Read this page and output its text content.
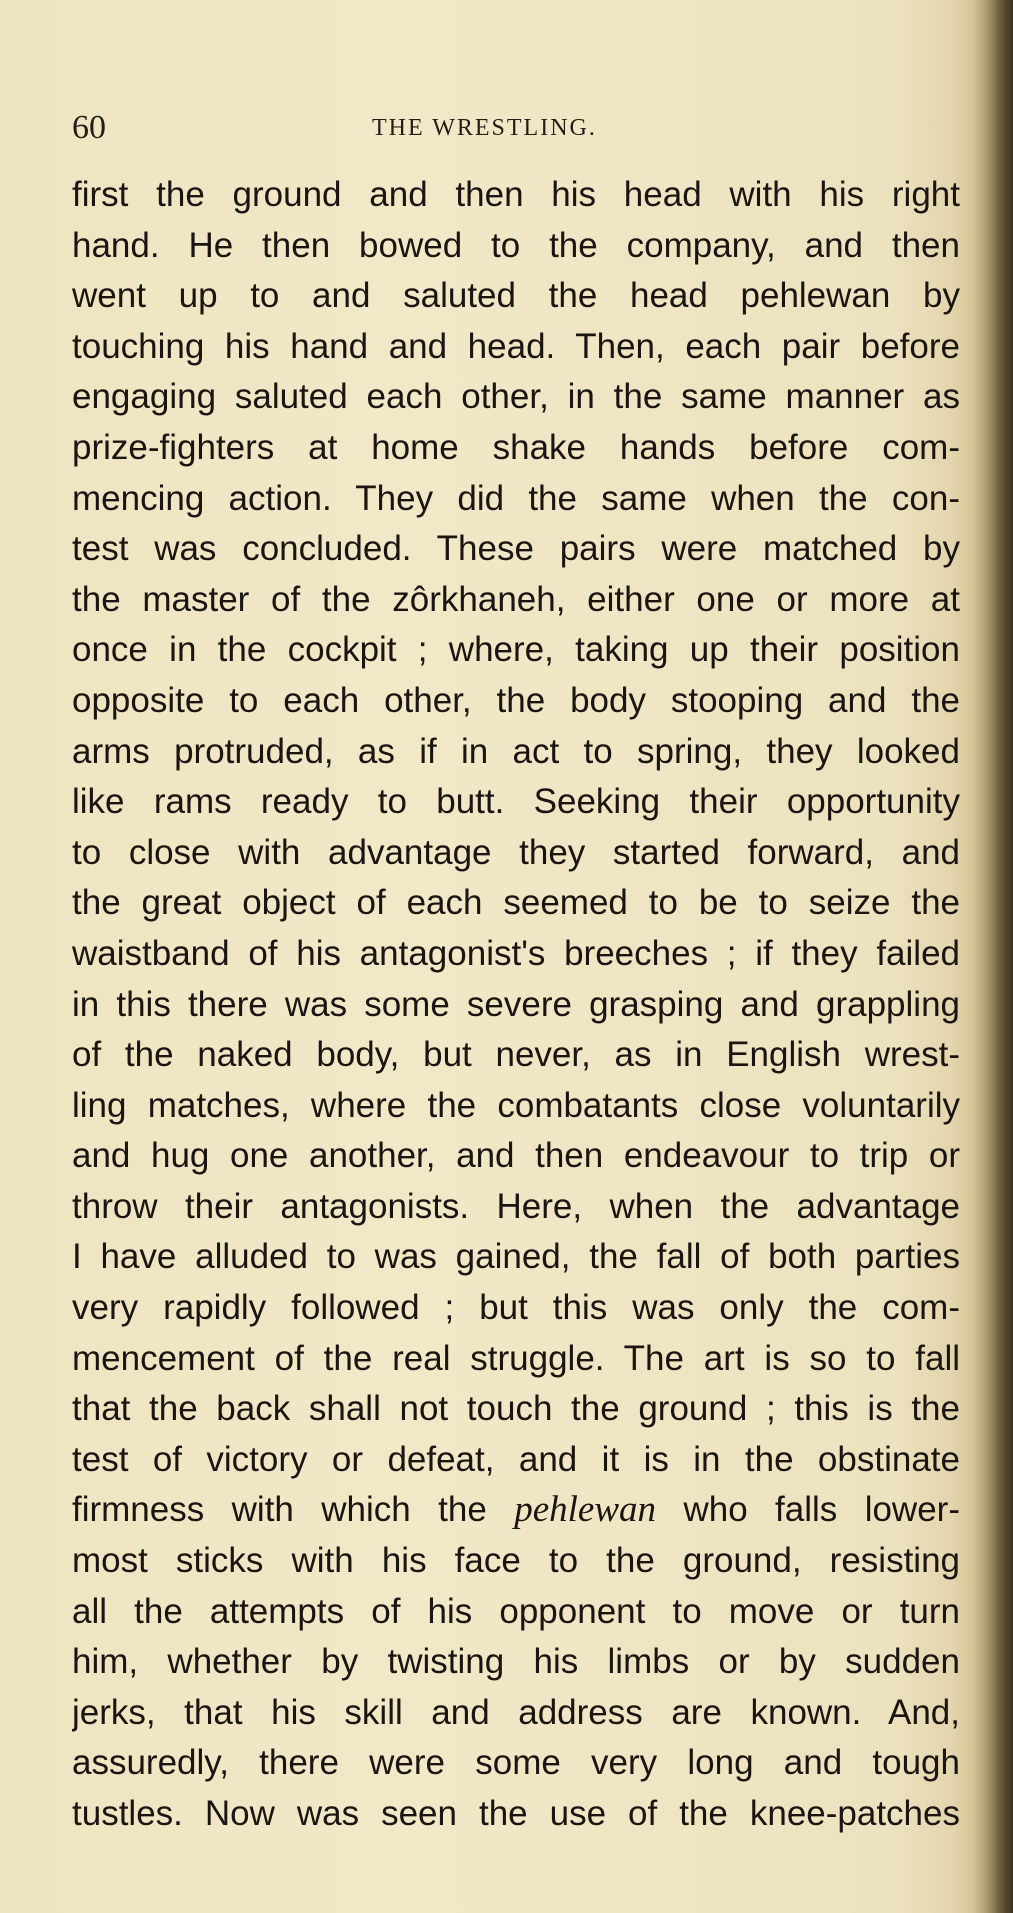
60	THE WRESTLING.
first the ground and then his head with his right
hand. He then bowed to the company, and then
went up to and saluted the head pehlewan by
touching his hand and head. Then, each pair before
engaging saluted each other, in the same manner as
prize-fighters at home shake hands before com-
mencing action. They did the same when the con-
test was concluded. These pairs were matched by
the master of the zôrkhaneh, either one or more at
once in the cockpit ; where, taking up their position
opposite to each other, the body stooping and the
arms protruded, as if in act to spring, they looked
like rams ready to butt. Seeking their opportunity
to close with advantage they started forward, and
the great object of each seemed to be to seize the
waistband of his antagonist's breeches ; if they failed
in this there was some severe grasping and grappling
of the naked body, but never, as in English wrest-
ling matches, where the combatants close voluntarily
and hug one another, and then endeavour to trip or
throw their antagonists. Here, when the advantage
I have alluded to was gained, the fall of both parties
very rapidly followed ; but this was only the com-
mencement of the real struggle. The art is so to fall
that the back shall not touch the ground ; this is the
test of victory or defeat, and it is in the obstinate
firmness with which the pehlewan who falls lower-
most sticks with his face to the ground, resisting
all the attempts of his opponent to move or turn
him, whether by twisting his limbs or by sudden
jerks, that his skill and address are known. And,
assuredly, there were some very long and tough
tustles. Now was seen the use of the knee-patches
